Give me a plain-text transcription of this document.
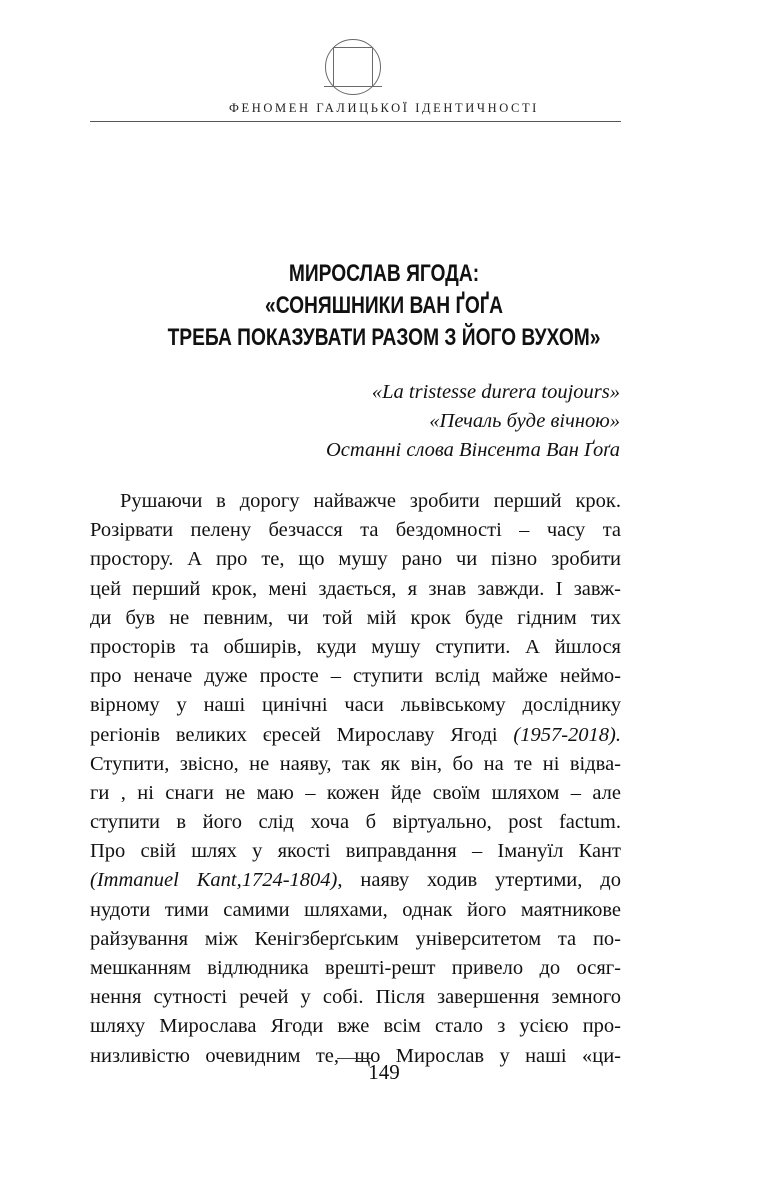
ФЕНОМЕН ГАЛИЦЬКОЇ ІДЕНТИЧНОСТІ
МИРОСЛАВ ЯГОДА:
«СОНЯШНИКИ ВАН ҐОҐА
ТРЕБА ПОКАЗУВАТИ РАЗОМ З ЙОГО ВУХОМ»
«La tristesse durera toujours»
«Печаль буде вічною»
Останні слова Вінсента Ван Ґоґа
Рушаючи в дорогу найважче зробити перший крок.
Розірвати пелену безчасся та бездомності – часу та
простору. А про те, що мушу рано чи пізно зробити
цей перший крок, мені здається, я знав завжди. І завж-
ди був не певним, чи той мій крок буде гідним тих
просторів та обширів, куди мушу ступити. А йшлося
про неначе дуже просте – ступити вслід майже неймо-
вірному у наші цинічні часи львівському досліднику
регіонів великих єресей Мирославу Ягоді (1957-2018).
Ступити, звісно, не наяву, так як він, бо на те ні відва-
ги , ні снаги не маю – кожен йде своїм шляхом – але
ступити в його слід хоча б віртуально, post factum.
Про свій шлях у якості виправдання – Імануїл Кант
(Immanuel Kant,1724-1804), наяву ходив утертими, до
нудоти тими самими шляхами, однак його маятникове
райзування між Кенігзберґським університетом та по-
мешканням відлюдника врешті-решт привело до осяг-
нення сутності речей у собі. Після завершення земного
шляху Мирослава Ягоди вже всім стало з усією про-
низливістю очевидним те, що Мирослав у наші «ци-
149
